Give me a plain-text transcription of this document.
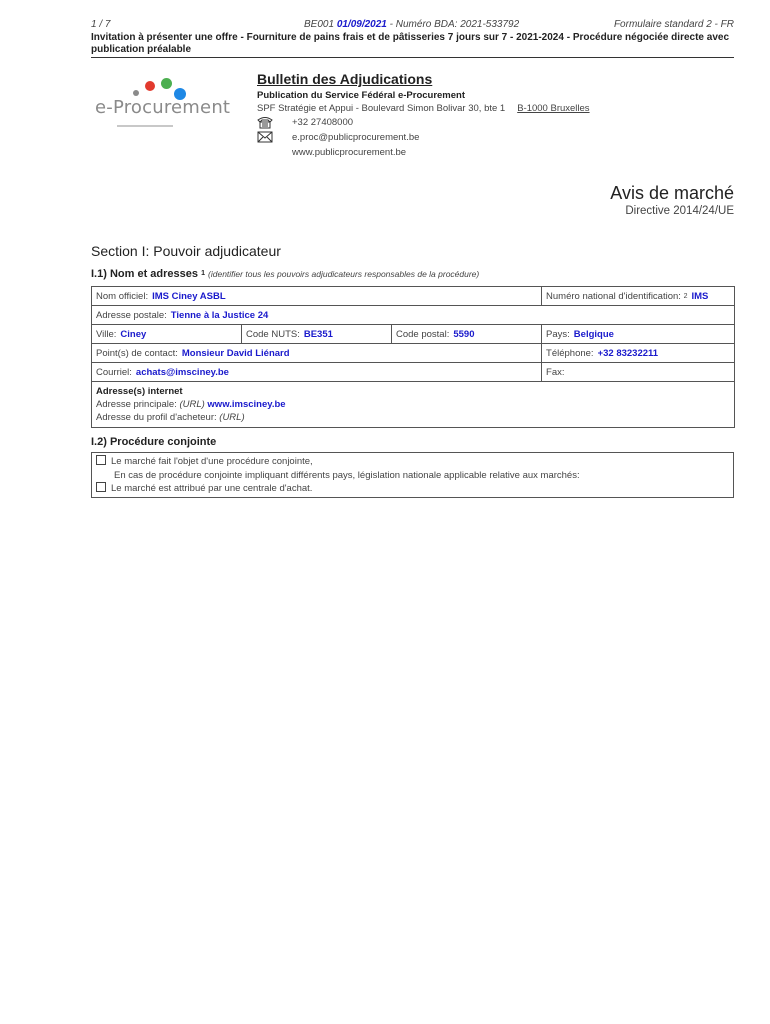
1 / 7	BE001 01/09/2021 - Numéro BDA: 2021-533792	Formulaire standard 2 - FR
Invitation à présenter une offre - Fourniture de pains frais et de pâtisseries 7 jours sur 7 - 2021-2024 - Procédure négociée directe avec publication préalable
e-Procurement
Bulletin des Adjudications
Publication du Service Fédéral e-Procurement
SPF Stratégie et Appui - Boulevard Simon Bolivar 30, bte 1 B-1000 Bruxelles
+32 27408000
e.proc@publicprocurement.be
www.publicprocurement.be
Avis de marché
Directive 2014/24/UE
Section I: Pouvoir adjudicateur
I.1) Nom et adresses $^1$ (identifier tous les pouvoirs adjudicateurs responsables de la procédure)
Nom officiel: IMS Ciney ASBL			Numéro national d'identification: $^2$ IMS
Adresse postale: Tienne à la Justice 24			
Ville: Ciney	Code NUTS: BE351	Code postal: 5590	Pays: Belgique
Point(s) de contact: Monsieur David Liénard			Téléphone: +32 83232211
Courriel: achats@imsciney.be			Fax:

Adresse(s) internet
Adresse principale: (URL) www.imsciney.be
Adresse du profil d'acheteur: (URL)			
I.2) Procédure conjointe
Le marché fait l'objet d'une procédure conjointe,
En cas de procédure conjointe impliquant différents pays, législation nationale applicable relative aux marchés:
Le marché est attribué par une centrale d'achat.
